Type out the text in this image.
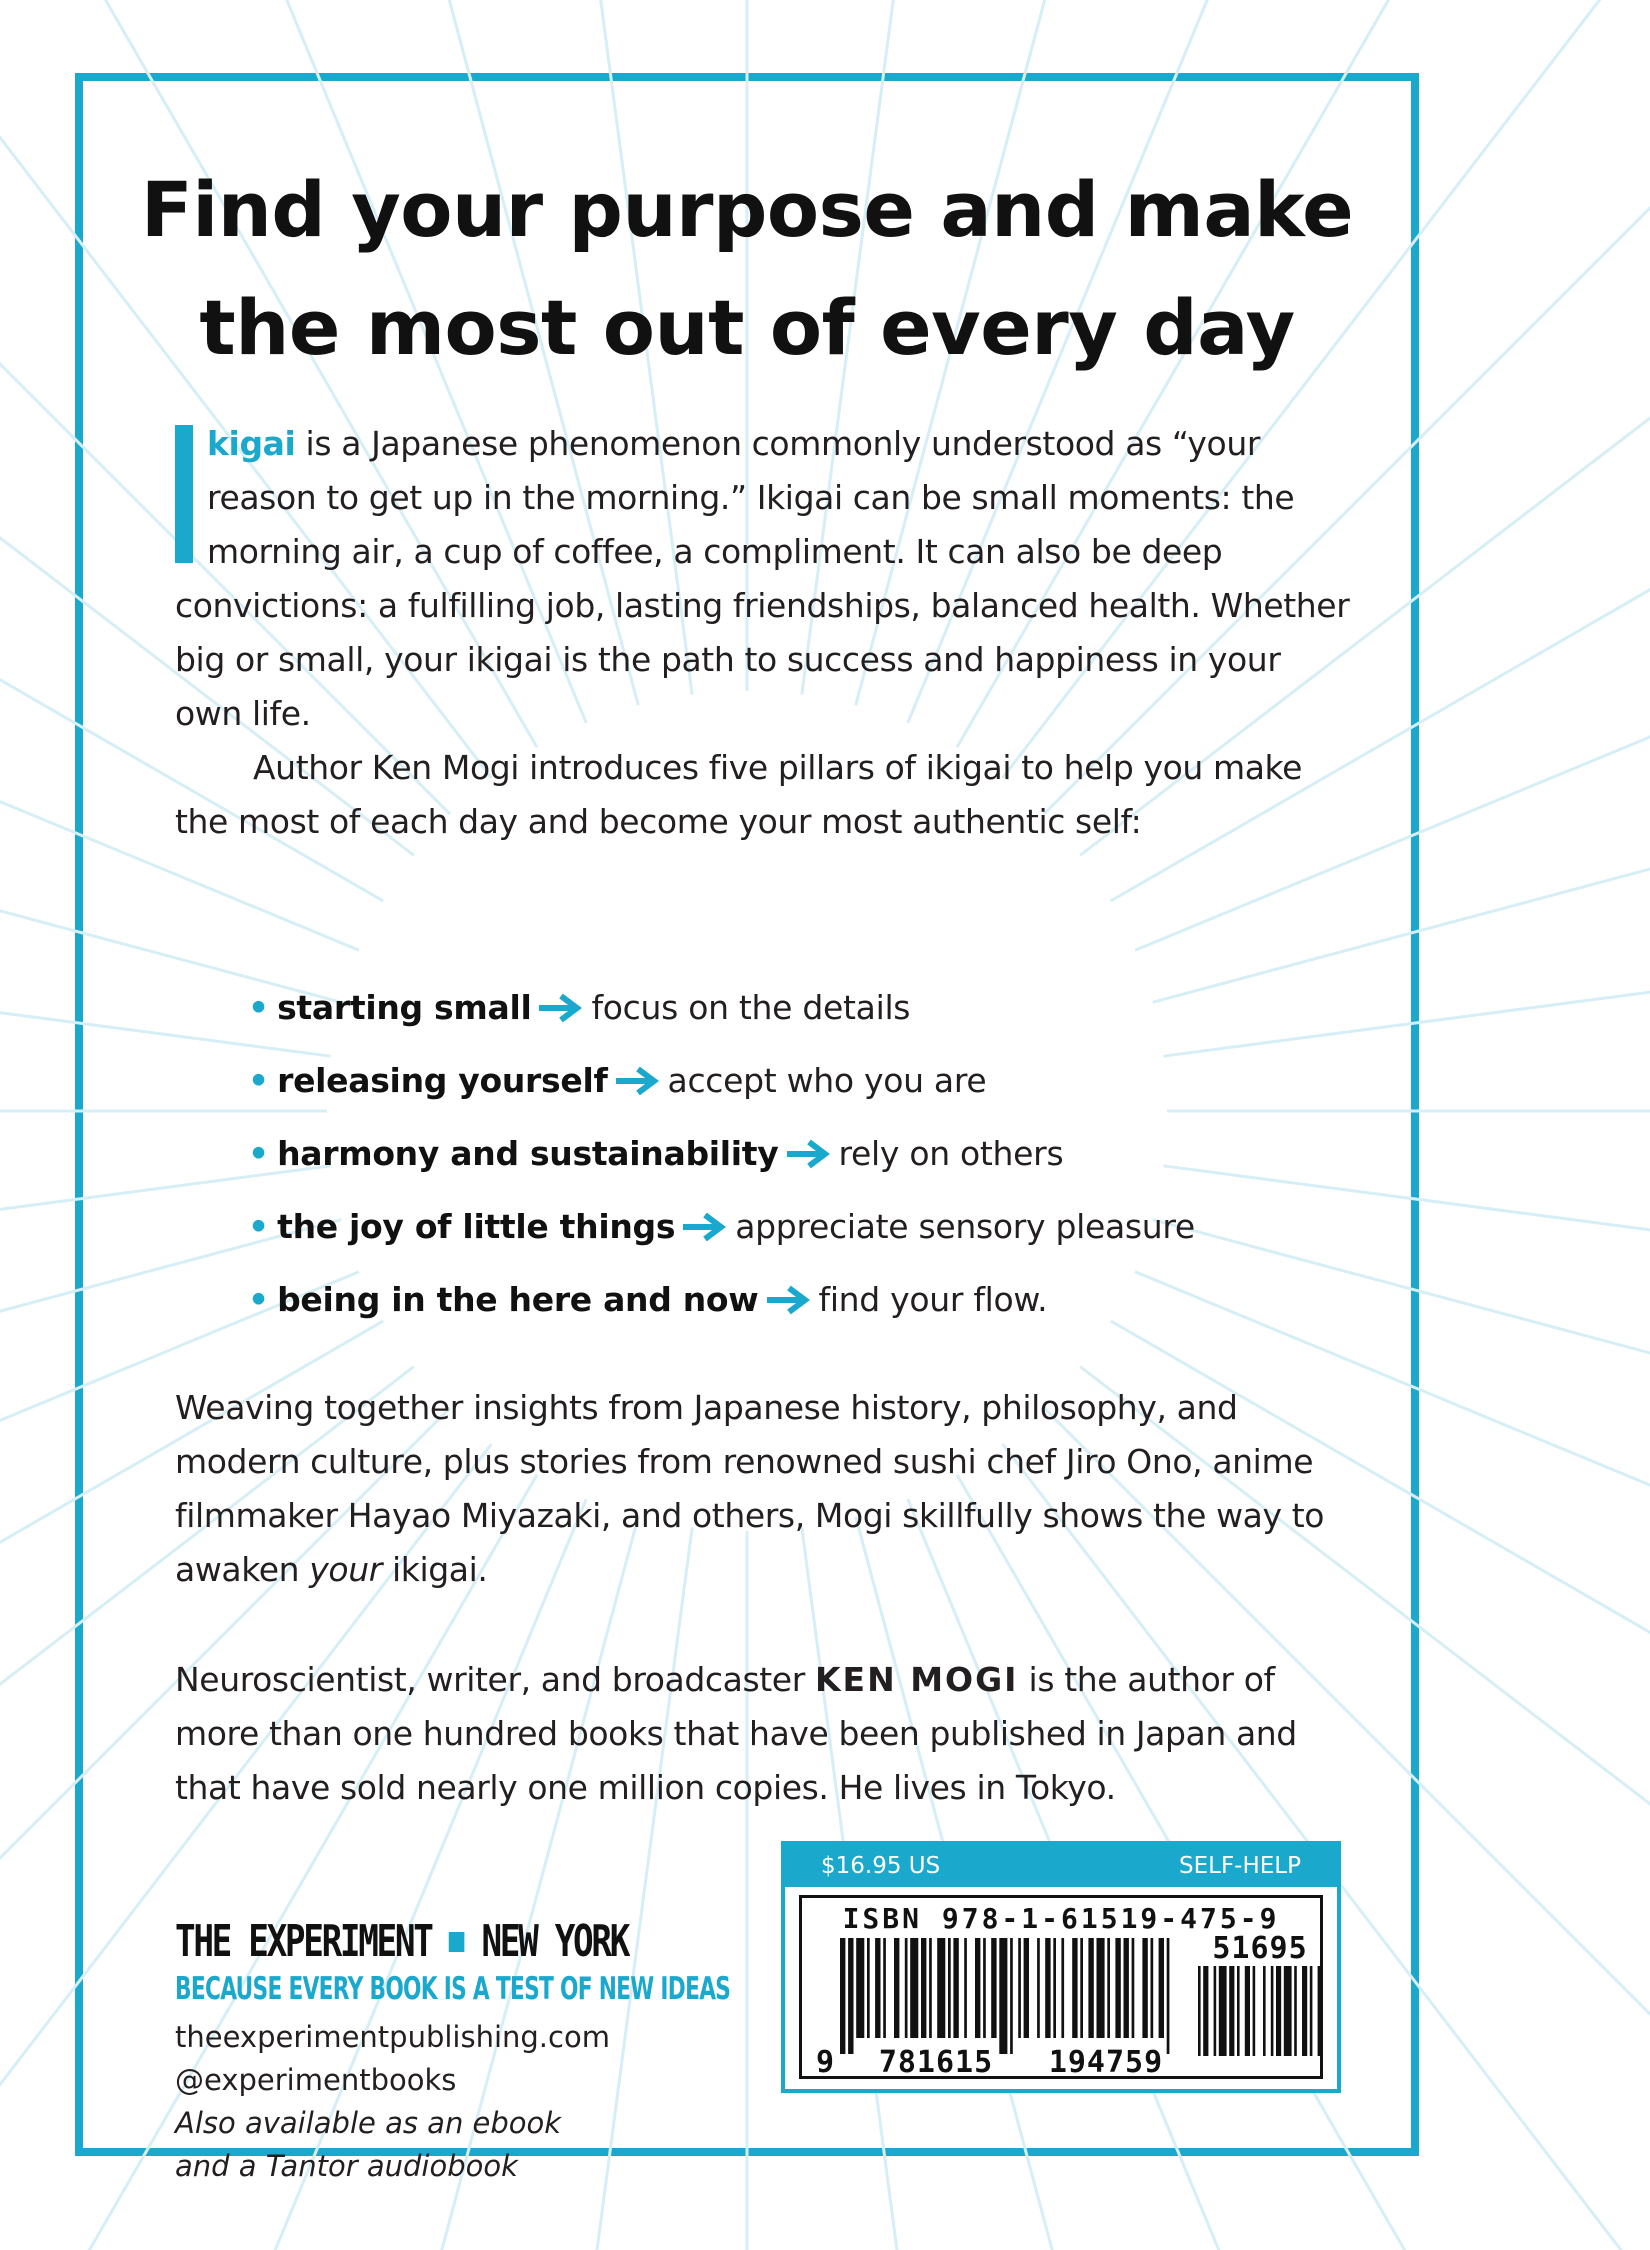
Find your purpose and make
the most out of every day

kigai is a Japanese phenomenon commonly understood as “your reason to get up in the morning.” Ikigai can be small moments: the morning air, a cup of coffee, a compliment. It can also be deep convictions: a fulfilling job, lasting friendships, balanced health. Whether big or small, your ikigai is the path to success and happiness in your own life.

Author Ken Mogi introduces five pillars of ikigai to help you make the most of each day and become your most authentic self:

• starting small focus on the details
• releasing yourself accept who you are
• harmony and sustainability rely on others
• the joy of little things appreciate sensory pleasure
• being in the here and now find your flow.

Weaving together insights from Japanese history, philosophy, and modern culture, plus stories from renowned sushi chef Jiro Ono, anime filmmaker Hayao Miyazaki, and others, Mogi skillfully shows the way to awaken your ikigai.

Neuroscientist, writer, and broadcaster KEN MOGI is the author of more than one hundred books that have been published in Japan and that have sold nearly one million copies. He lives in Tokyo.

THE EXPERIMENT NEW YORK
BECAUSE EVERY BOOK IS A TEST OF NEW IDEAS
theexperimentpublishing.com
@experimentbooks
Also available as an ebook
and a Tantor audiobook
$16.95 US	SELF-HELP
ISBN 978-1-61519-475-9
9 781615 194759
51695
